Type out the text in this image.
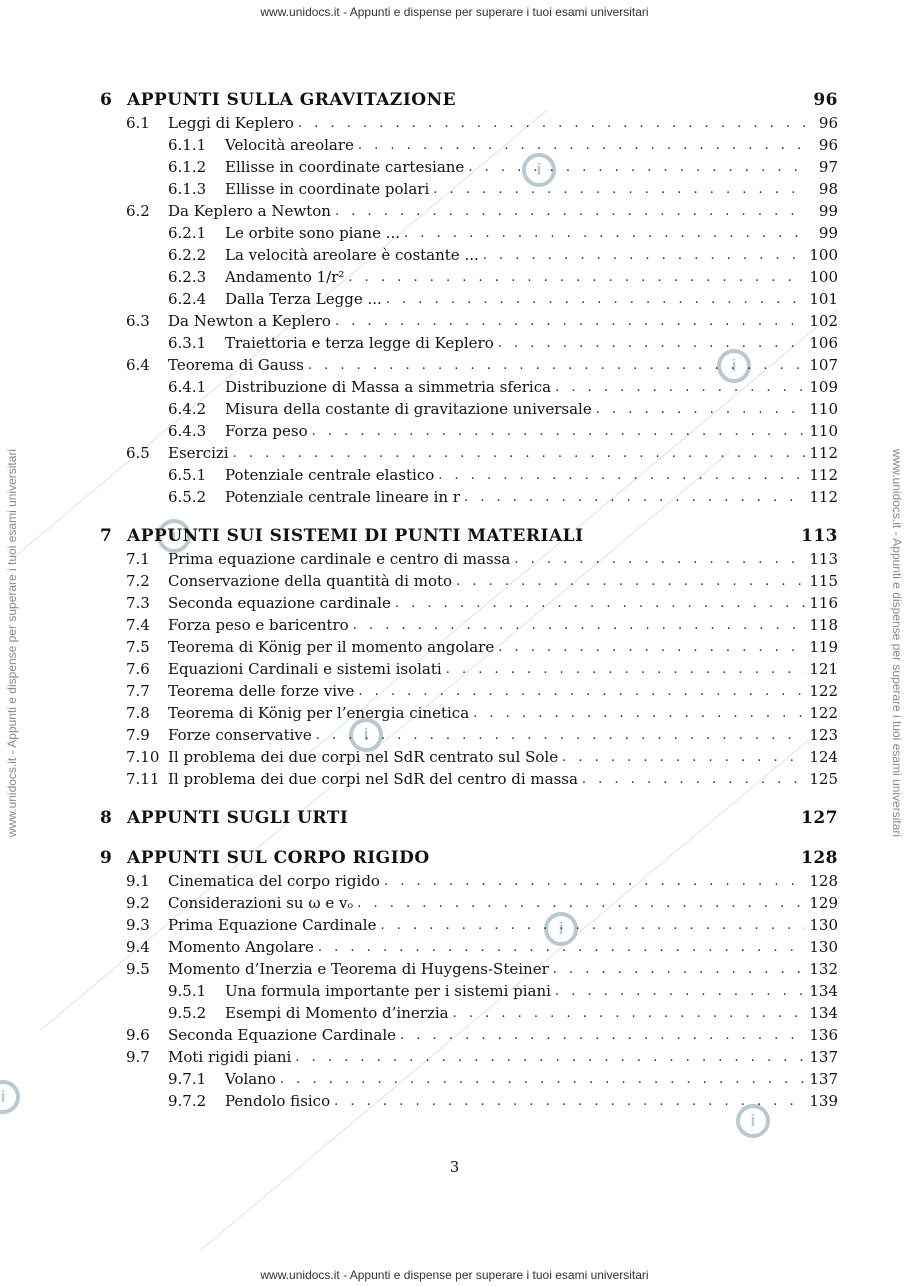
i
i
i
i
i
i
i
www.unidocs.it - Appunti e dispense per superare i tuoi esami universitari
www.unidocs.it - Appunti e dispense per superare i tuoi esami universitari
www.unidocs.it - Appunti e dispense per superare i tuoi esami universitari	www.unidocs.it - Appunti e dispense per superare i tuoi esami universitari
6 APPUNTI SULLA GRAVITAZIONE	96
6.1	Leggi di Keplero . . .	96
6.1.1	Velocità areolare . . .	96
6.1.2	Ellisse in coordinate cartesiane . . .	97
6.1.3	Ellisse in coordinate polari . . .	98
6.2	Da Keplero a Newton . . .	99
6.2.1	Le orbite sono piane ... . . .	99
6.2.2	La velocità areolare è costante ... . . .	100
6.2.3	Andamento 1/r² . . .	100
6.2.4	Dalla Terza Legge ... . . .	101
6.3	Da Newton a Keplero . . .	102
6.3.1	Traiettoria e terza legge di Keplero . . .	106
6.4	Teorema di Gauss . . .	107
6.4.1	Distribuzione di Massa a simmetria sferica . . .	109
6.4.2	Misura della costante di gravitazione universale . . .	110
6.4.3	Forza peso . . .	110
6.5	Esercizi . . .	112
6.5.1	Potenziale centrale elastico . . .	112
6.5.2	Potenziale centrale lineare in r . . .	112
7 APPUNTI SUI SISTEMI DI PUNTI MATERIALI	113
7.1	Prima equazione cardinale e centro di massa . . .	113
7.2	Conservazione della quantità di moto . . .	115
7.3	Seconda equazione cardinale . . .	116
7.4	Forza peso e baricentro . . .	118
7.5	Teorema di König per il momento angolare . . .	119
7.6	Equazioni Cardinali e sistemi isolati . . .	121
7.7	Teorema delle forze vive . . .	122
7.8	Teorema di König per l’energia cinetica . . .	122
7.9	Forze conservative . . .	123
7.10 Il problema dei due corpi nel SdR centrato sul Sole . . .	124
7.11 Il problema dei due corpi nel SdR del centro di massa . . .	125
8 APPUNTI SUGLI URTI	127
9 APPUNTI SUL CORPO RIGIDO	128
9.1	Cinematica del corpo rigido . . .	128
9.2	Considerazioni su ω e vₒ . . .	129
9.3	Prima Equazione Cardinale . . .	130
9.4	Momento Angolare . . .	130
9.5	Momento d’Inerzia e Teorema di Huygens-Steiner . . .	132
9.5.1	Una formula importante per i sistemi piani . . .	134
9.5.2	Esempi di Momento d’inerzia . . .	134
9.6	Seconda Equazione Cardinale . . .	136
9.7	Moti rigidi piani . . .	137
9.7.1	Volano . . .	137
9.7.2	Pendolo fisico . . .	139
3
